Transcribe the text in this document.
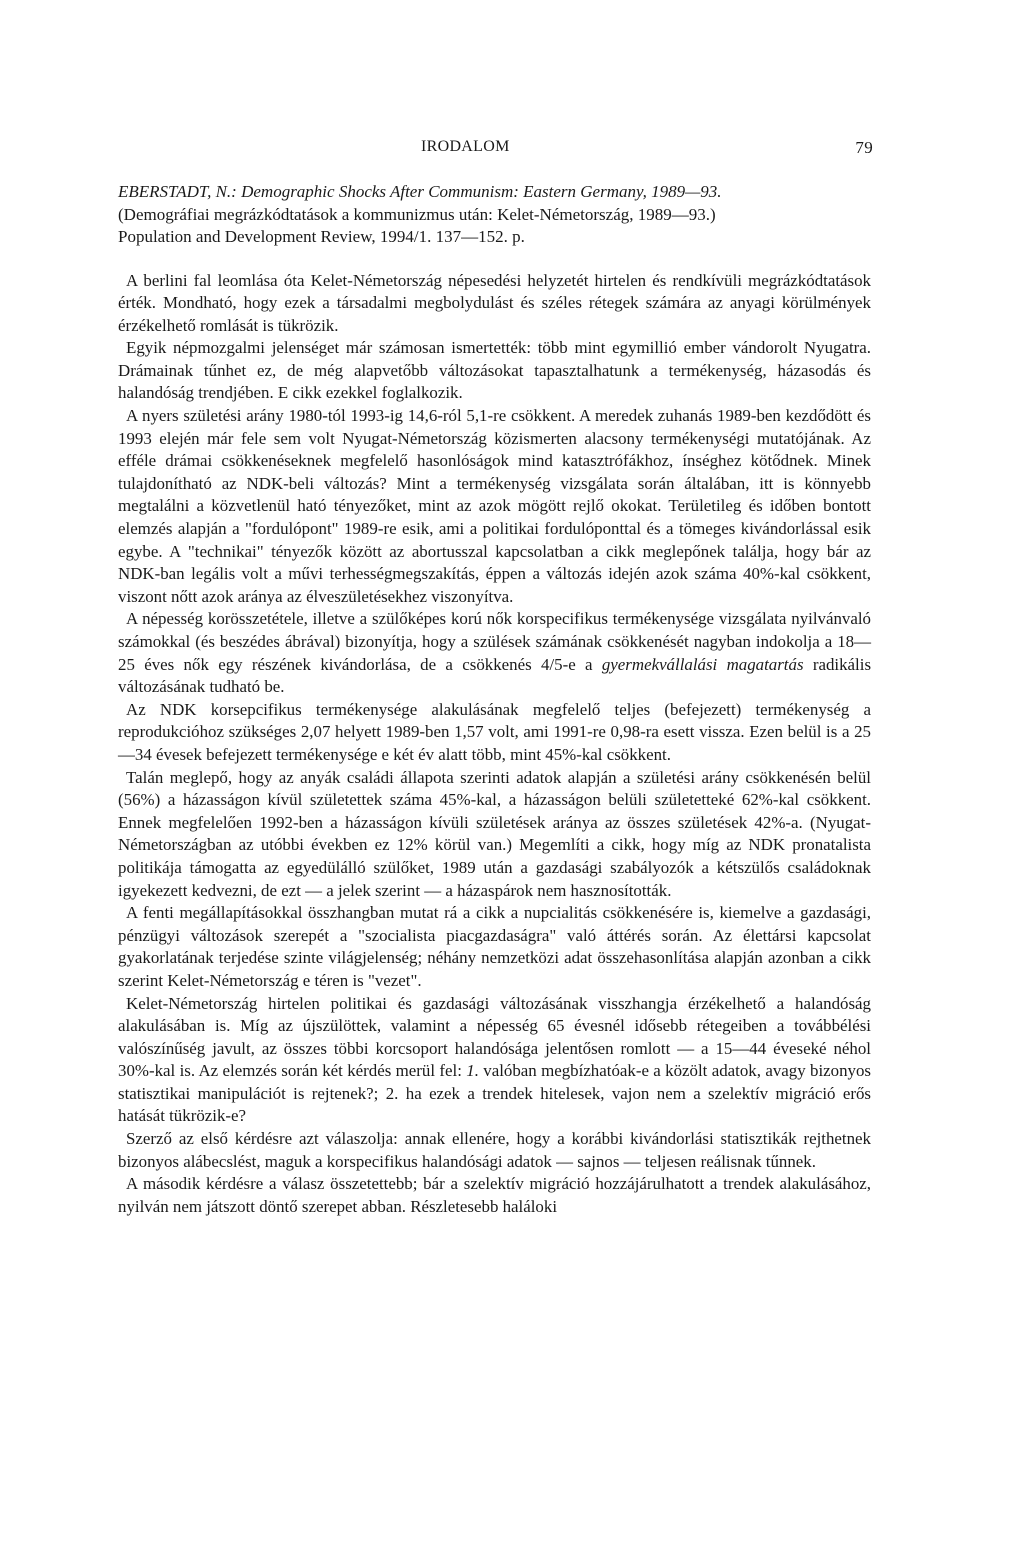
IRODALOM	79
EBERSTADT, N.: Demographic Shocks After Communism: Eastern Germany, 1989—93.
(Demográfiai megrázkódtatások a kommunizmus után: Kelet-Németország, 1989—93.)
Population and Development Review, 1994/1. 137—152. p.

A berlini fal leomlása óta Kelet-Németország népesedési helyzetét hirtelen és rendkívüli megrázkódtatások érték. Mondható, hogy ezek a társadalmi megbolydulást és széles rétegek számára az anyagi körülmények érzékelhető romlását is tükrözik.

Egyik népmozgalmi jelenséget már számosan ismertették: több mint egymillió ember vándorolt Nyugatra. Drámainak tűnhet ez, de még alapvetőbb változásokat tapasztalhatunk a termékenység, házasodás és halandóság trendjében. E cikk ezekkel foglalkozik.

A nyers születési arány 1980-tól 1993-ig 14,6-ról 5,1-re csökkent. A meredek zuhanás 1989-ben kezdődött és 1993 elején már fele sem volt Nyugat-Németország közismerten alacsony termékenységi mutatójának. Az efféle drámai csökkenéseknek megfelelő hasonlóságok mind katasztrófákhoz, ínséghez kötődnek. Minek tulajdonítható az NDK-beli változás? Mint a termékenység vizsgálata során általában, itt is könnyebb megtalálni a közvetlenül ható tényezőket, mint az azok mögött rejlő okokat. Területileg és időben bontott elemzés alapján a "fordulópont" 1989-re esik, ami a politikai fordulóponttal és a tömeges kivándorlással esik egybe. A "technikai" tényezők között az abortusszal kapcsolatban a cikk meglepőnek találja, hogy bár az NDK-ban legális volt a művi terhességmegszakítás, éppen a változás idején azok száma 40%-kal csökkent, viszont nőtt azok aránya az élveszületésekhez viszonyítva.

A népesség korösszetétele, illetve a szülőképes korú nők korspecifikus termékenysége vizsgálata nyilvánvaló számokkal (és beszédes ábrával) bizonyítja, hogy a szülések számának csökkenését nagyban indokolja a 18—25 éves nők egy részének kivándorlása, de a csökkenés 4/5-e a gyermekvállalási magatartás radikális változásának tudható be.

Az NDK korsepcifikus termékenysége alakulásának megfelelő teljes (befejezett) termékenység a reprodukcióhoz szükséges 2,07 helyett 1989-ben 1,57 volt, ami 1991-re 0,98-ra esett vissza. Ezen belül is a 25—34 évesek befejezett termékenysége e két év alatt több, mint 45%-kal csökkent.

Talán meglepő, hogy az anyák családi állapota szerinti adatok alapján a születési arány csökkenésén belül (56%) a házasságon kívül születettek száma 45%-kal, a házasságon belüli születetteké 62%-kal csökkent. Ennek megfelelően 1992-ben a házasságon kívüli születések aránya az összes születések 42%-a. (Nyugat-Németországban az utóbbi években ez 12% körül van.) Megemlíti a cikk, hogy míg az NDK pronatalista politikája támogatta az egyedülálló szülőket, 1989 után a gazdasági szabályozók a kétszülős családoknak igyekezett kedvezni, de ezt — a jelek szerint — a házaspárok nem hasznosították.

A fenti megállapításokkal összhangban mutat rá a cikk a nupcialitás csökkenésére is, kiemelve a gazdasági, pénzügyi változások szerepét a "szocialista piacgazdaságra" való áttérés során. Az élettársi kapcsolat gyakorlatának terjedése szinte világjelenség; néhány nemzetközi adat összehasonlítása alapján azonban a cikk szerint Kelet-Németország e téren is "vezet".

Kelet-Németország hirtelen politikai és gazdasági változásának visszhangja érzékelhető a halandóság alakulásában is. Míg az újszülöttek, valamint a népesség 65 évesnél idősebb rétegeiben a továbbélési valószínűség javult, az összes többi korcsoport halandósága jelentősen romlott — a 15—44 éveseké néhol 30%-kal is. Az elemzés során két kérdés merül fel: 1. valóban megbízhatóak-e a közölt adatok, avagy bizonyos statisztikai manipulációt is rejtenek?; 2. ha ezek a trendek hitelesek, vajon nem a szelektív migráció erős hatását tükrözik-e?

Szerző az első kérdésre azt válaszolja: annak ellenére, hogy a korábbi kivándorlási statisztikák rejthetnek bizonyos alábecslést, maguk a korspecifikus halandósági adatok — sajnos — teljesen reálisnak tűnnek.

A második kérdésre a válasz összetettebb; bár a szelektív migráció hozzájárulhatott a trendek alakulásához, nyilván nem játszott döntő szerepet abban. Részletesebb haláloki
